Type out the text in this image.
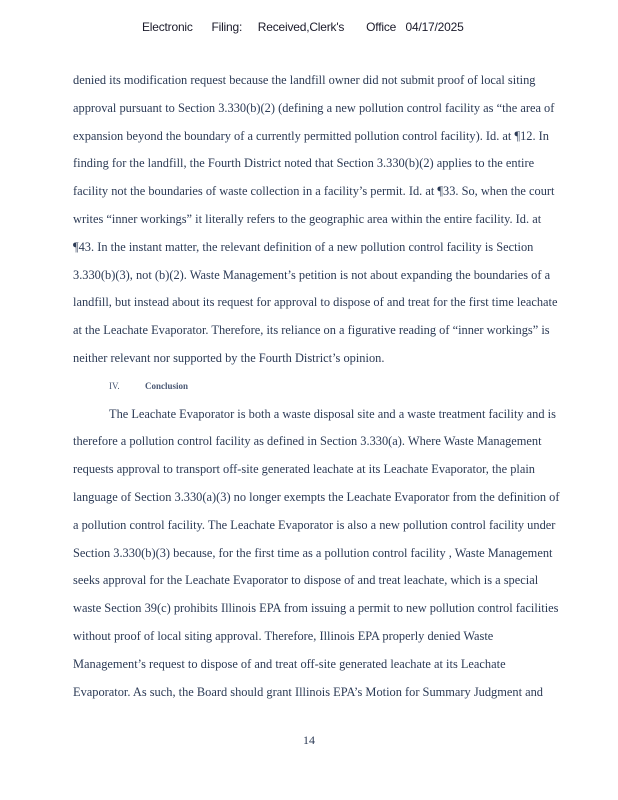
Electronic      Filing:     Received,Clerk's       Office   04/17/2025
denied its modification request because the landfill owner did not submit proof of local siting
approval pursuant to Section 3.330(b)(2) (defining a new pollution control facility as “the area of
expansion beyond the boundary of a currently permitted pollution control facility). Id. at ¶12. In
finding for the landfill, the Fourth District noted that Section 3.330(b)(2) applies to the entire
facility not the boundaries of waste collection in a facility’s permit. Id. at ¶33. So, when the court
writes “inner workings” it literally refers to the geographic area within the entire facility. Id. at
¶43. In the instant matter, the relevant definition of a new pollution control facility is Section
3.330(b)(3), not (b)(2). Waste Management’s petition is not about expanding the boundaries of a
landfill, but instead about its request for approval to dispose of and treat for the first time leachate
at the Leachate Evaporator. Therefore, its reliance on a figurative reading of “inner workings” is
neither relevant nor supported by the Fourth District’s opinion.
IV.	Conclusion
The Leachate Evaporator is both a waste disposal site and a waste treatment facility and is
therefore a pollution control facility as defined in Section 3.330(a). Where Waste Management
requests approval to transport off-site generated leachate at its Leachate Evaporator, the plain
language of Section 3.330(a)(3) no longer exempts the Leachate Evaporator from the definition of
a pollution control facility. The Leachate Evaporator is also a new pollution control facility under
Section 3.330(b)(3) because, for the first time as a pollution control facility , Waste Management
seeks approval for the Leachate Evaporator to dispose of and treat leachate, which is a special
waste Section 39(c) prohibits Illinois EPA from issuing a permit to new pollution control facilities
without proof of local siting approval. Therefore, Illinois EPA properly denied Waste
Management’s request to dispose of and treat off-site generated leachate at its Leachate
Evaporator. As such, the Board should grant Illinois EPA’s Motion for Summary Judgment and
14
